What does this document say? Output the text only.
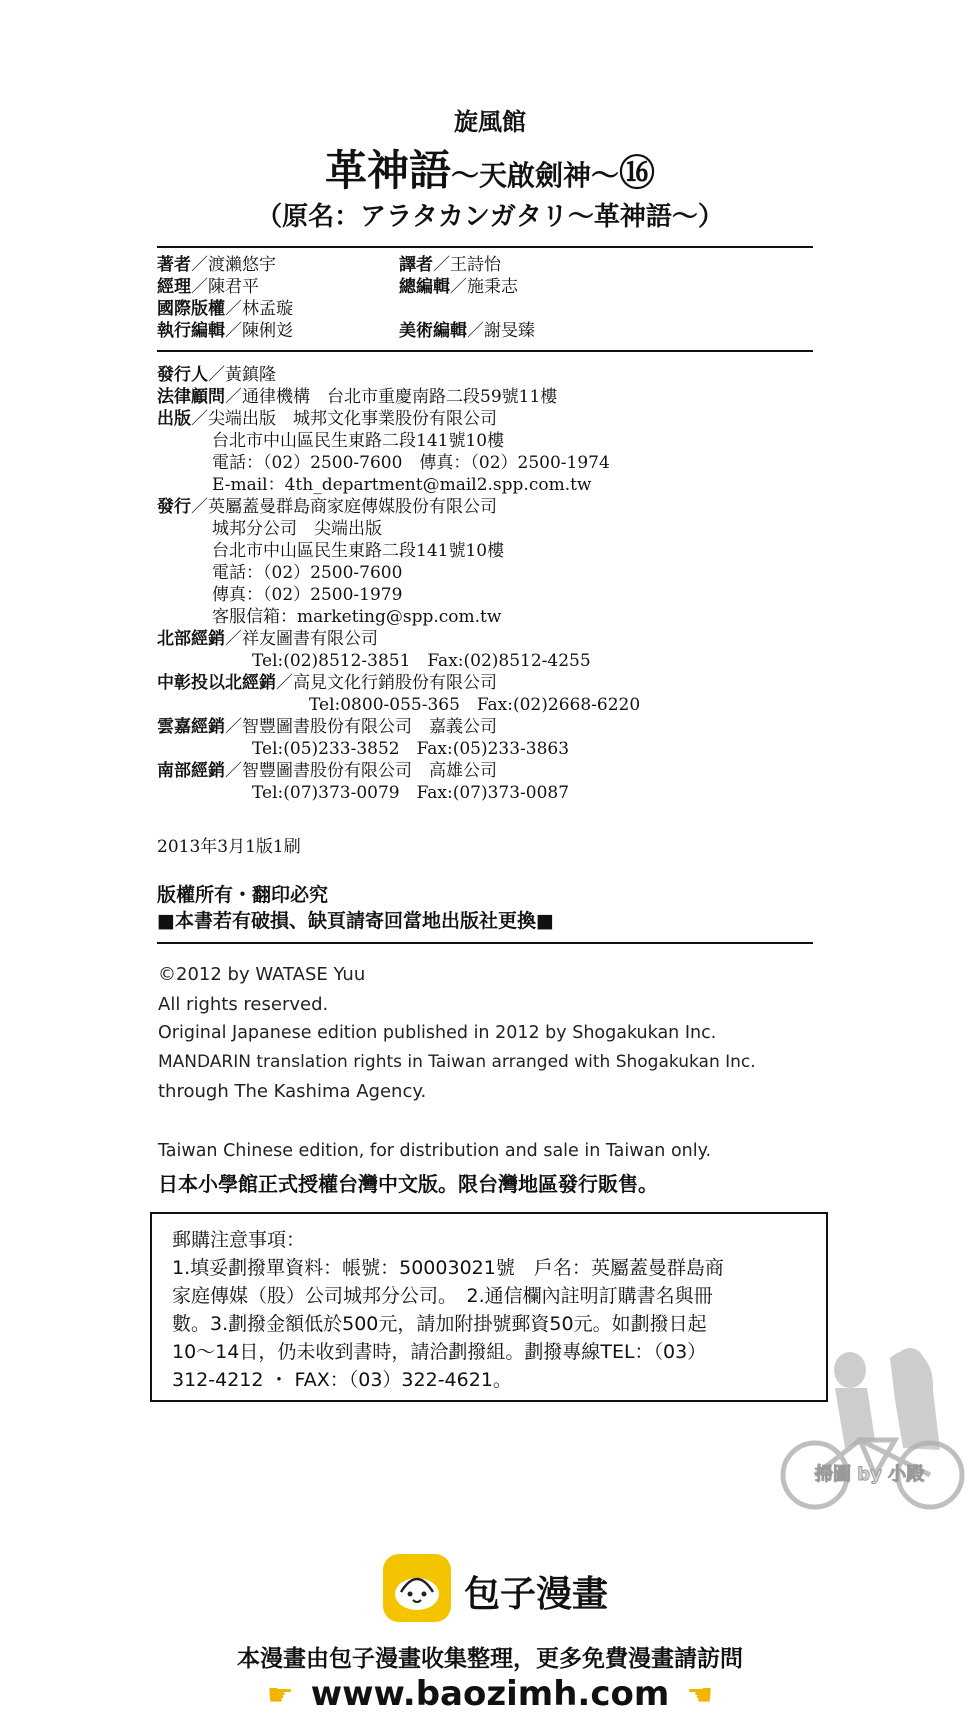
旋風館
革神語～天啟劍神～⑯
（原名：アラタカンガタリ～革神語～）
著者／渡瀨悠宇	譯者／王詩怡
經理／陳君平	總編輯／施秉志
國際版權／林孟璇
執行編輯／陳俐彣	美術編輯／謝旻臻
發行人／黃鎮隆
法律顧問／通律機構　台北市重慶南路二段59號11樓
出版／尖端出版　城邦文化事業股份有限公司
台北市中山區民生東路二段141號10樓
電話：（02）2500-7600　傳真：（02）2500-1974
E-mail：4th_department@mail2.spp.com.tw
發行／英屬蓋曼群島商家庭傳媒股份有限公司
城邦分公司　尖端出版
台北市中山區民生東路二段141號10樓
電話：（02）2500-7600
傳真：（02）2500-1979
客服信箱：marketing@spp.com.tw
北部經銷／祥友圖書有限公司
Tel:(02)8512-3851　Fax:(02)8512-4255
中彰投以北經銷／高見文化行銷股份有限公司
Tel:0800-055-365　Fax:(02)2668-6220
雲嘉經銷／智豐圖書股份有限公司　嘉義公司
Tel:(05)233-3852　Fax:(05)233-3863
南部經銷／智豐圖書股份有限公司　高雄公司
Tel:(07)373-0079　Fax:(07)373-0087
2013年3月1版1刷
版權所有・翻印必究
■本書若有破損、缺頁請寄回當地出版社更換■
©2012 by WATASE Yuu
All rights reserved.
Original Japanese edition published in 2012 by Shogakukan Inc.
MANDARIN translation rights in Taiwan arranged with Shogakukan Inc.
through The Kashima Agency.
Taiwan Chinese edition, for distribution and sale in Taiwan only.
日本小學館正式授權台灣中文版。限台灣地區發行販售。
郵購注意事項：
1.填妥劃撥單資料：帳號：50003021號　戶名：英屬蓋曼群島商
家庭傳媒（股）公司城邦分公司。　2.通信欄內註明訂購書名與冊
數。3.劃撥金額低於500元，請加附掛號郵資50元。如劃撥日起
10～14日，仍未收到書時，請洽劃撥組。劃撥專線TEL：（03）
312-4212 ・ FAX：（03）322-4621。
掃圖 by 小殿
包子漫畫
本漫畫由包子漫畫收集整理，更多免費漫畫請訪問
☛ www.baozimh.com ☚
